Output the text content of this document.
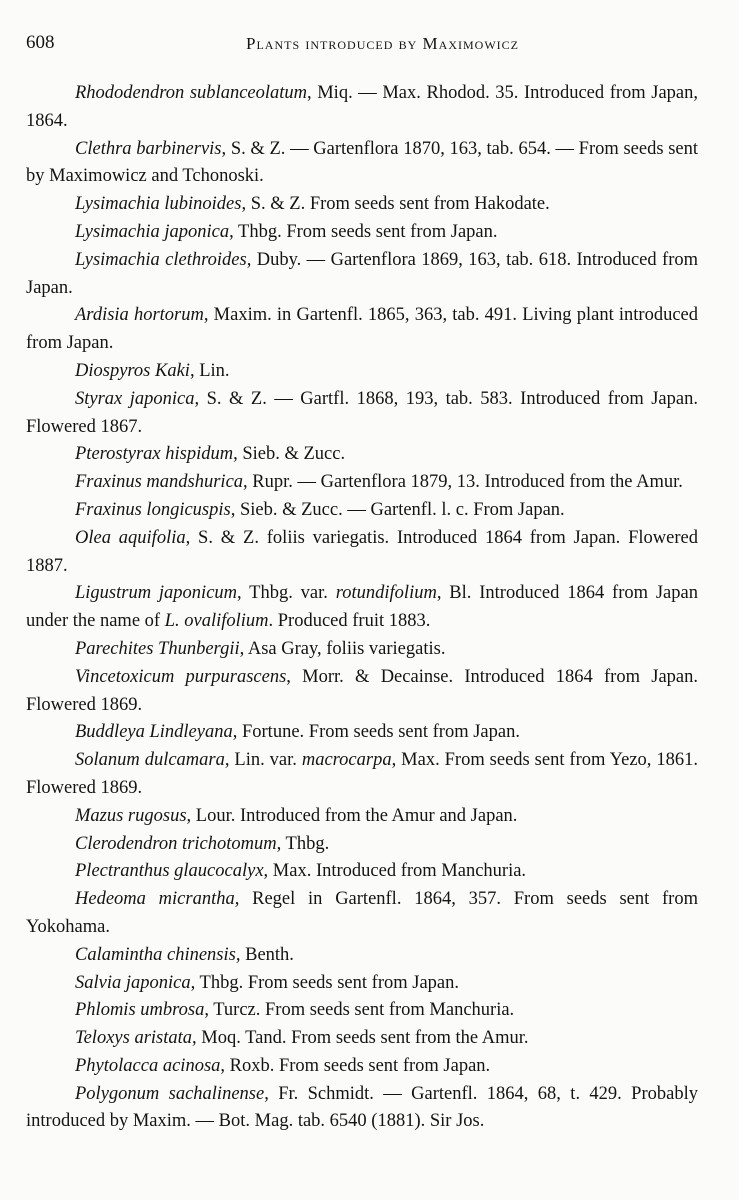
608	Plants introduced by Maximowicz

Rhododendron sublanceolatum, Miq. — Max. Rhodod. 35. Introduced from Japan, 1864.

Clethra barbinervis, S. & Z. — Gartenflora 1870, 163, tab. 654. — From seeds sent by Maximowicz and Tchonoski.

Lysimachia lubinoides, S. & Z. From seeds sent from Hakodate.

Lysimachia japonica, Thbg. From seeds sent from Japan.

Lysimachia clethroides, Duby. — Gartenflora 1869, 163, tab. 618. Introduced from Japan.

Ardisia hortorum, Maxim. in Gartenfl. 1865, 363, tab. 491. Living plant introduced from Japan.

Diospyros Kaki, Lin.

Styrax japonica, S. & Z. — Gartfl. 1868, 193, tab. 583. Introduced from Japan. Flowered 1867.

Pterostyrax hispidum, Sieb. & Zucc.

Fraxinus mandshurica, Rupr. — Gartenflora 1879, 13. Introduced from the Amur.

Fraxinus longicuspis, Sieb. & Zucc. — Gartenfl. l. c. From Japan.

Olea aquifolia, S. & Z. foliis variegatis. Introduced 1864 from Japan. Flowered 1887.

Ligustrum japonicum, Thbg. var. rotundifolium, Bl. Introduced 1864 from Japan under the name of L. ovalifolium. Produced fruit 1883.

Parechites Thunbergii, Asa Gray, foliis variegatis.

Vincetoxicum purpurascens, Morr. & Decainse. Introduced 1864 from Japan. Flowered 1869.

Buddleya Lindleyana, Fortune. From seeds sent from Japan.

Solanum dulcamara, Lin. var. macrocarpa, Max. From seeds sent from Yezo, 1861. Flowered 1869.

Mazus rugosus, Lour. Introduced from the Amur and Japan.

Clerodendron trichotomum, Thbg.

Plectranthus glaucocalyx, Max. Introduced from Manchuria.

Hedeoma micrantha, Regel in Gartenfl. 1864, 357. From seeds sent from Yokohama.

Calamintha chinensis, Benth.

Salvia japonica, Thbg. From seeds sent from Japan.

Phlomis umbrosa, Turcz. From seeds sent from Manchuria.

Teloxys aristata, Moq. Tand. From seeds sent from the Amur.

Phytolacca acinosa, Roxb. From seeds sent from Japan.

Polygonum sachalinense, Fr. Schmidt. — Gartenfl. 1864, 68, t. 429. Probably introduced by Maxim. — Bot. Mag. tab. 6540 (1881). Sir Jos.
